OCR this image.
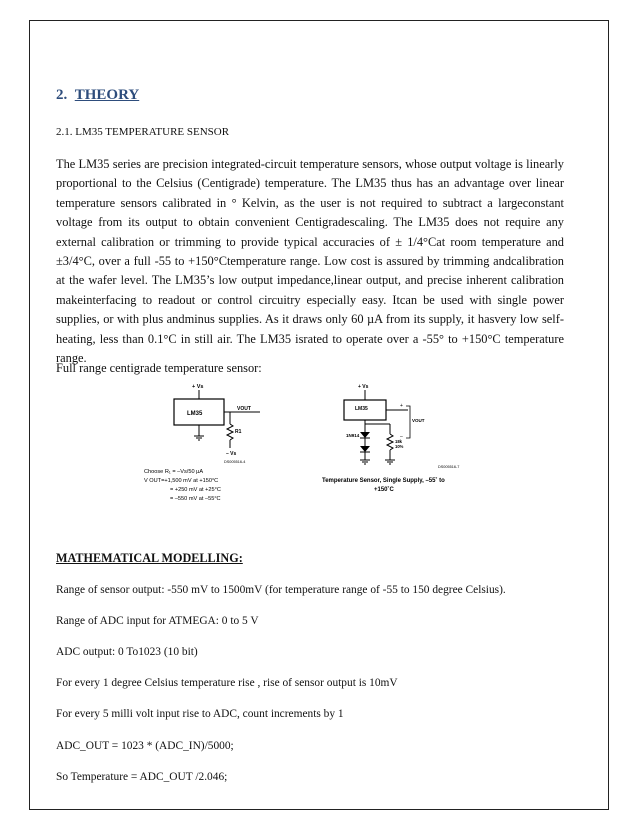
2. THEORY

2.1. LM35 TEMPERATURE SENSOR

The LM35 series are precision integrated-circuit temperature sensors, whose output voltage is linearly proportional to the Celsius (Centigrade) temperature. The LM35 thus has an advantage over linear temperature sensors calibrated in ° Kelvin, as the user is not required to subtract a largeconstant voltage from its output to obtain convenient Centigradescaling. The LM35 does not require any external calibration or trimming to provide typical accuracies of ± 1/4°Cat room temperature and ±3/4°C, over a full -55 to +150°Ctemperature range. Low cost is assured by trimming andcalibration at the wafer level. The LM35’s low output impedance,linear output, and precise inherent calibration makeinterfacing to readout or control circuitry especially easy. Itcan be used with single power supplies, or with plus andminus supplies. As it draws only 60 µA from its supply, it hasvery low self-heating, less than 0.1°C in still air. The LM35 israted to operate over a -55° to +150°C temperature range.

Full range centigrade temperature sensor:

+ Vs
LM35
VOUT
R1
– Vs
DS005516-4
Choose R₁ = –Vs/50 µA
V OUT=+1,500 mV at +150°C
= +250 mV at +25°C
= –550 mV at –55°C
+ Vs
LM35	+
–
VOUT
1N914
18k
10%
DS005516-7
Temperature Sensor, Single Supply, –55˚ to
+150˚C

MATHEMATICAL MODELLING:

Range of sensor output: -550 mV to 1500mV (for temperature range of -55 to 150 degree Celsius).

Range of ADC input for ATMEGA: 0 to 5 V

ADC output: 0 To1023 (10 bit)

For every 1 degree Celsius temperature rise , rise of sensor output is 10mV

For every 5 milli volt input rise to ADC, count increments by 1

ADC_OUT = 1023 * (ADC_IN)/5000;

So Temperature = ADC_OUT /2.046;
